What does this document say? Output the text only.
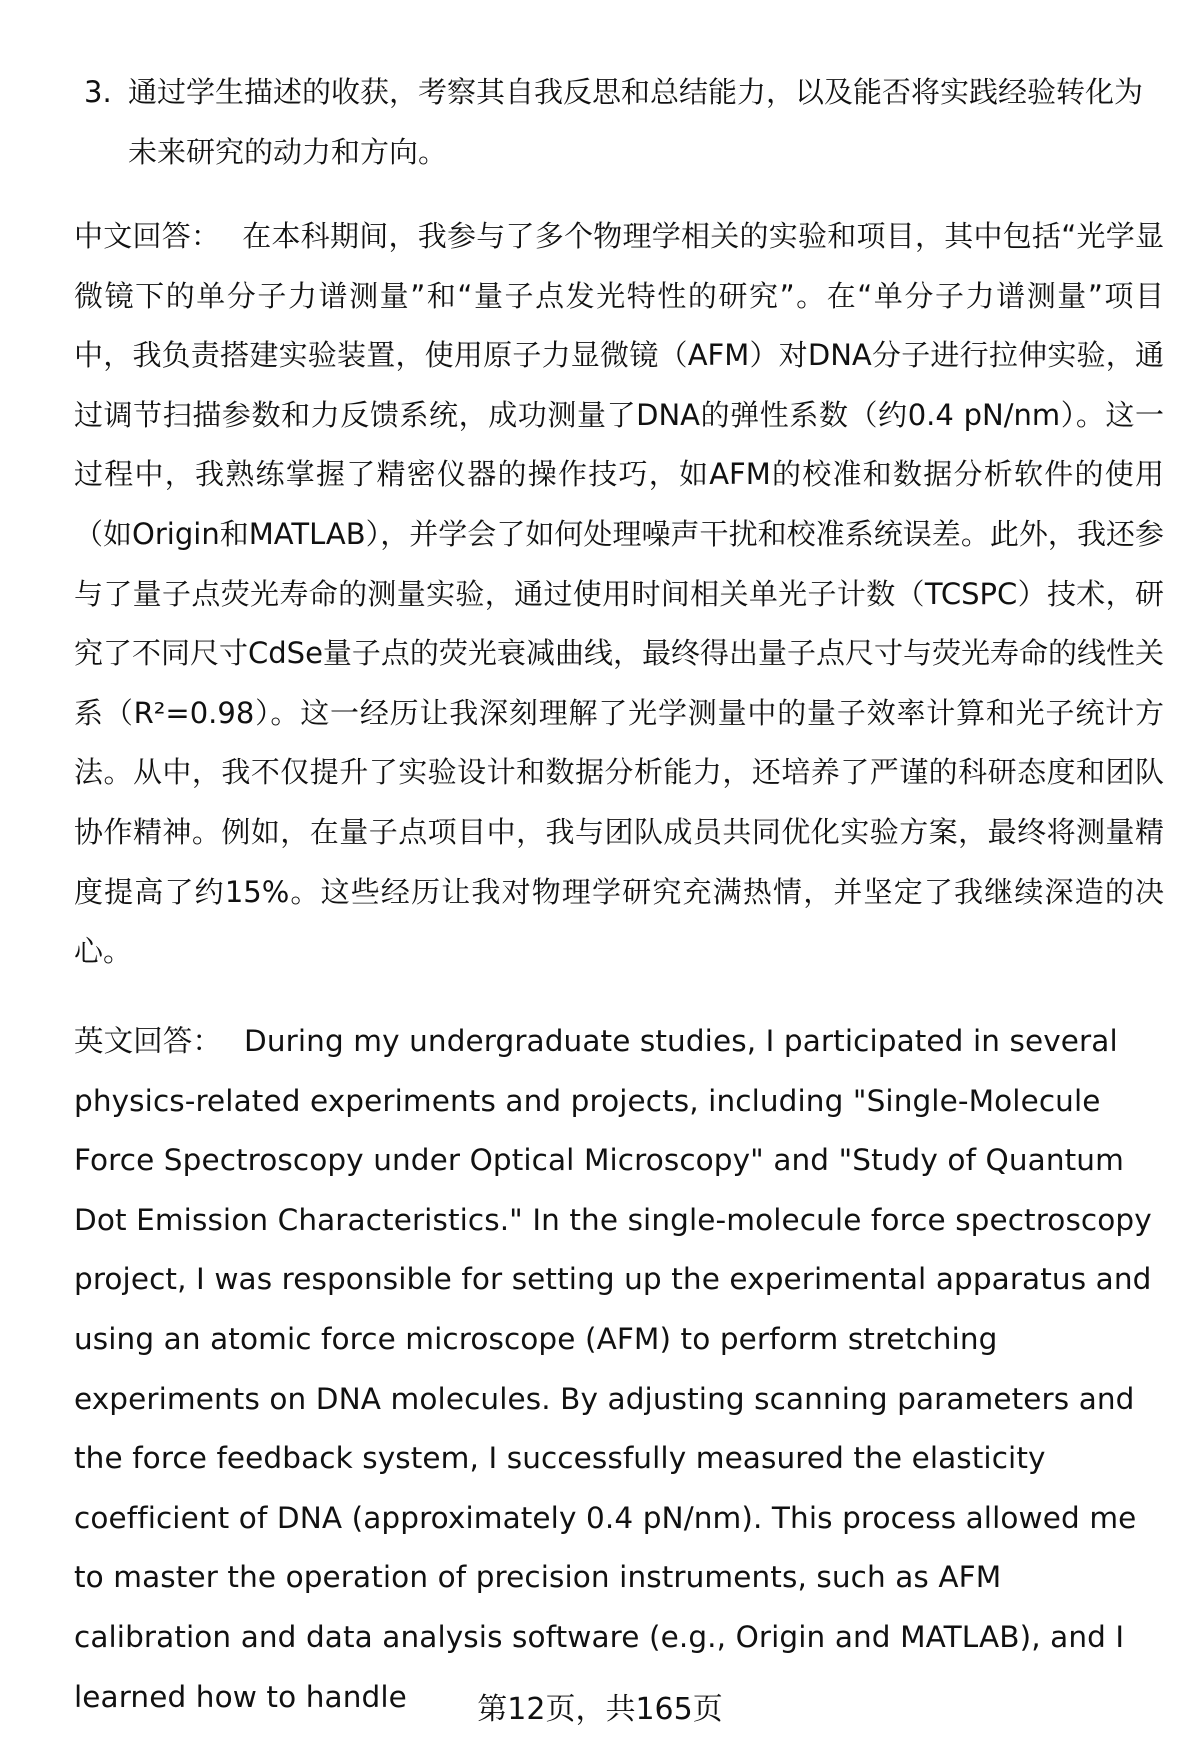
3. 通过学生描述的收获，考察其自我反思和总结能力，以及能否将实践经验转化为未来研究的动力和方向。
中文回答： 在本科期间，我参与了多个物理学相关的实验和项目，其中包括“光学显微镜下的单分子力谱测量”和“量子点发光特性的研究”。在“单分子力谱测量”项目中，我负责搭建实验装置，使用原子力显微镜（AFM）对DNA分子进行拉伸实验，通过调节扫描参数和力反馈系统，成功测量了DNA的弹性系数（约0.4 pN/nm）。这一过程中，我熟练掌握了精密仪器的操作技巧，如AFM的校准和数据分析软件的使用（如Origin和MATLAB），并学会了如何处理噪声干扰和校准系统误差。此外，我还参与了量子点荧光寿命的测量实验，通过使用时间相关单光子计数（TCSPC）技术，研究了不同尺寸CdSe量子点的荧光衰减曲线，最终得出量子点尺寸与荧光寿命的线性关系（R²=0.98）。这一经历让我深刻理解了光学测量中的量子效率计算和光子统计方法。从中，我不仅提升了实验设计和数据分析能力，还培养了严谨的科研态度和团队协作精神。例如，在量子点项目中，我与团队成员共同优化实验方案，最终将测量精度提高了约15%。这些经历让我对物理学研究充满热情，并坚定了我继续深造的决心。
英文回答： During my undergraduate studies, I participated in several physics-related experiments and projects, including "Single-Molecule Force Spectroscopy under Optical Microscopy" and "Study of Quantum Dot Emission Characteristics." In the single-molecule force spectroscopy project, I was responsible for setting up the experimental apparatus and using an atomic force microscope (AFM) to perform stretching experiments on DNA molecules. By adjusting scanning parameters and the force feedback system, I successfully measured the elasticity coefficient of DNA (approximately 0.4 pN/nm). This process allowed me to master the operation of precision instruments, such as AFM calibration and data analysis software (e.g., Origin and MATLAB), and I learned how to handle	第12页，共165页
